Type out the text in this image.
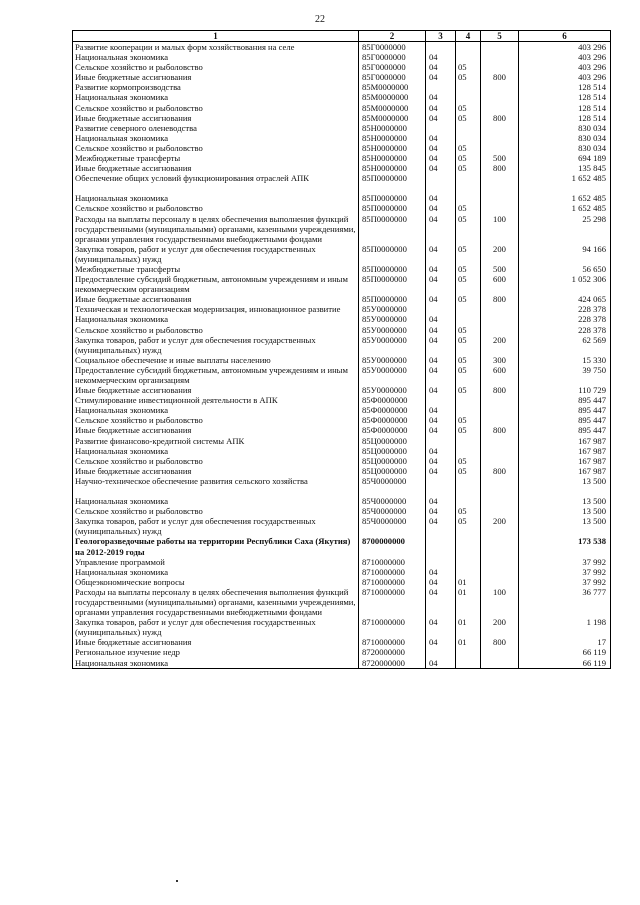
22
1	2	3	4	5	6
Развитие кооперации и малых форм хозяйствования на селе	85Г0000000				403 296
Национальная экономика	85Г0000000	04			403 296
Сельское хозяйство и рыболовство	85Г0000000	04	05		403 296
Иные бюджетные ассигнования	85Г0000000	04	05	800	403 296
Развитие кормопроизводства	85М0000000				128 514
Национальная экономика	85М0000000	04			128 514
Сельское хозяйство и рыболовство	85М0000000	04	05		128 514
Иные бюджетные ассигнования	85М0000000	04	05	800	128 514
Развитие северного оленеводства	85Н0000000				830 034
Национальная экономика	85Н0000000	04			830 034
Сельское хозяйство и рыболовство	85Н0000000	04	05		830 034
Межбюджетные трансферты	85Н0000000	04	05	500	694 189
Иные бюджетные ассигнования	85Н0000000	04	05	800	135 845
Обеспечение общих условий функционирования отраслей АПК	85П0000000				1 652 485

Национальная экономика	85П0000000	04			1 652 485
Сельское хозяйство и рыболовство	85П0000000	04	05		1 652 485
Расходы на выплаты персоналу в целях обеспечения выполнения функций государственными (муниципальными) органами, казенными учреждениями, органами управления государственными внебюджетными фондами	85П0000000	04	05	100	25 298
Закупка товаров, работ и услуг для обеспечения государственных (муниципальных) нужд	85П0000000	04	05	200	94 166
Межбюджетные трансферты	85П0000000	04	05	500	56 650
Предоставление субсидий бюджетным, автономным учреждениям и иным некоммерческим организациям	85П0000000	04	05	600	1 052 306
Иные бюджетные ассигнования	85П0000000	04	05	800	424 065
Техническая и технологическая модернизация, инновационное развитие	85У0000000				228 378
Национальная экономика	85У0000000	04			228 378
Сельское хозяйство и рыболовство	85У0000000	04	05		228 378
Закупка товаров, работ и услуг для обеспечения государственных (муниципальных) нужд	85У0000000	04	05	200	62 569
Социальное обеспечение и иные выплаты населению	85У0000000	04	05	300	15 330
Предоставление субсидий бюджетным, автономным учреждениям и иным некоммерческим организациям	85У0000000	04	05	600	39 750
Иные бюджетные ассигнования	85У0000000	04	05	800	110 729
Стимулирование инвестиционной деятельности в АПК	85Ф0000000				895 447
Национальная экономика	85Ф0000000	04			895 447
Сельское хозяйство и рыболовство	85Ф0000000	04	05		895 447
Иные бюджетные ассигнования	85Ф0000000	04	05	800	895 447
Развитие финансово-кредитной системы АПК	85Ц0000000				167 987
Национальная экономика	85Ц0000000	04			167 987
Сельское хозяйство и рыболовство	85Ц0000000	04	05		167 987
Иные бюджетные ассигнования	85Ц0000000	04	05	800	167 987
Научно-техническое обеспечение развития сельского хозяйства	85Ч0000000				13 500

Национальная экономика	85Ч0000000	04			13 500
Сельское хозяйство и рыболовство	85Ч0000000	04	05		13 500
Закупка товаров, работ и услуг для обеспечения государственных (муниципальных) нужд	85Ч0000000	04	05	200	13 500
Геологоразведочные работы на территории Республики Саха (Якутия) на 2012-2019 годы	8700000000				173 538
Управление программой	8710000000				37 992
Национальная экономика	8710000000	04			37 992
Общеэкономические вопросы	8710000000	04	01		37 992
Расходы на выплаты персоналу в целях обеспечения выполнения функций государственными (муниципальными) органами, казенными учреждениями, органами управления государственными внебюджетными фондами	8710000000	04	01	100	36 777
Закупка товаров, работ и услуг для обеспечения государственных (муниципальных) нужд	8710000000	04	01	200	1 198
Иные бюджетные ассигнования	8710000000	04	01	800	17
Региональное изучение недр	8720000000				66 119
Национальная экономика	8720000000	04			66 119
